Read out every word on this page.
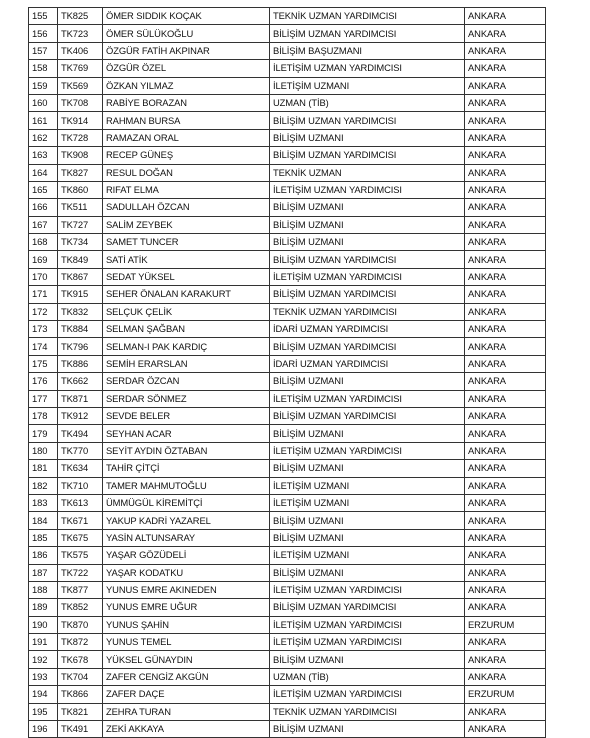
155	TK825	ÖMER SIDDIK KOÇAK	TEKNİK UZMAN YARDIMCISI	ANKARA
156	TK723	ÖMER SÜLÜKOĞLU	BİLİŞİM UZMAN YARDIMCISI	ANKARA
157	TK406	ÖZGÜR FATİH AKPINAR	BİLİŞİM BAŞUZMANI	ANKARA
158	TK769	ÖZGÜR ÖZEL	İLETİŞİM UZMAN YARDIMCISI	ANKARA
159	TK569	ÖZKAN YILMAZ	İLETİŞİM UZMANI	ANKARA
160	TK708	RABİYE BORAZAN	UZMAN (TİB)	ANKARA
161	TK914	RAHMAN BURSA	BİLİŞİM UZMAN YARDIMCISI	ANKARA
162	TK728	RAMAZAN ORAL	BİLİŞİM UZMANI	ANKARA
163	TK908	RECEP GÜNEŞ	BİLİŞİM UZMAN YARDIMCISI	ANKARA
164	TK827	RESUL DOĞAN	TEKNİK UZMAN	ANKARA
165	TK860	RIFAT ELMA	İLETİŞİM UZMAN YARDIMCISI	ANKARA
166	TK511	SADULLAH ÖZCAN	BİLİŞİM UZMANI	ANKARA
167	TK727	SALİM ZEYBEK	BİLİŞİM UZMANI	ANKARA
168	TK734	SAMET TUNCER	BİLİŞİM UZMANI	ANKARA
169	TK849	SATİ ATİK	BİLİŞİM UZMAN YARDIMCISI	ANKARA
170	TK867	SEDAT YÜKSEL	İLETİŞİM UZMAN YARDIMCISI	ANKARA
171	TK915	SEHER ÖNALAN KARAKURT	BİLİŞİM UZMAN YARDIMCISI	ANKARA
172	TK832	SELÇUK ÇELİK	TEKNİK UZMAN YARDIMCISI	ANKARA
173	TK884	SELMAN ŞAĞBAN	İDARİ UZMAN YARDIMCISI	ANKARA
174	TK796	SELMAN-I PAK KARDIÇ	BİLİŞİM UZMAN YARDIMCISI	ANKARA
175	TK886	SEMİH ERARSLAN	İDARİ UZMAN YARDIMCISI	ANKARA
176	TK662	SERDAR ÖZCAN	BİLİŞİM UZMANI	ANKARA
177	TK871	SERDAR SÖNMEZ	İLETİŞİM UZMAN YARDIMCISI	ANKARA
178	TK912	SEVDE BELER	BİLİŞİM UZMAN YARDIMCISI	ANKARA
179	TK494	SEYHAN ACAR	BİLİŞİM UZMANI	ANKARA
180	TK770	SEYİT AYDIN ÖZTABAN	İLETİŞİM UZMAN YARDIMCISI	ANKARA
181	TK634	TAHİR ÇİTÇİ	BİLİŞİM UZMANI	ANKARA
182	TK710	TAMER MAHMUTOĞLU	İLETİŞİM UZMANI	ANKARA
183	TK613	ÜMMÜGÜL KİREMİTÇİ	İLETİŞİM UZMANI	ANKARA
184	TK671	YAKUP KADRİ YAZAREL	BİLİŞİM UZMANI	ANKARA
185	TK675	YASİN ALTUNSARAY	BİLİŞİM UZMANI	ANKARA
186	TK575	YAŞAR GÖZÜDELİ	İLETİŞİM UZMANI	ANKARA
187	TK722	YAŞAR KODATKU	BİLİŞİM UZMANI	ANKARA
188	TK877	YUNUS EMRE AKINEDEN	İLETİŞİM UZMAN YARDIMCISI	ANKARA
189	TK852	YUNUS EMRE UĞUR	BİLİŞİM UZMAN YARDIMCISI	ANKARA
190	TK870	YUNUS ŞAHİN	İLETİŞİM UZMAN YARDIMCISI	ERZURUM
191	TK872	YUNUS TEMEL	İLETİŞİM UZMAN YARDIMCISI	ANKARA
192	TK678	YÜKSEL GÜNAYDIN	BİLİŞİM UZMANI	ANKARA
193	TK704	ZAFER CENGİZ AKGÜN	UZMAN (TİB)	ANKARA
194	TK866	ZAFER DAÇE	İLETİŞİM UZMAN YARDIMCISI	ERZURUM
195	TK821	ZEHRA TURAN	TEKNİK UZMAN YARDIMCISI	ANKARA
196	TK491	ZEKİ AKKAYA	BİLİŞİM UZMANI	ANKARA
